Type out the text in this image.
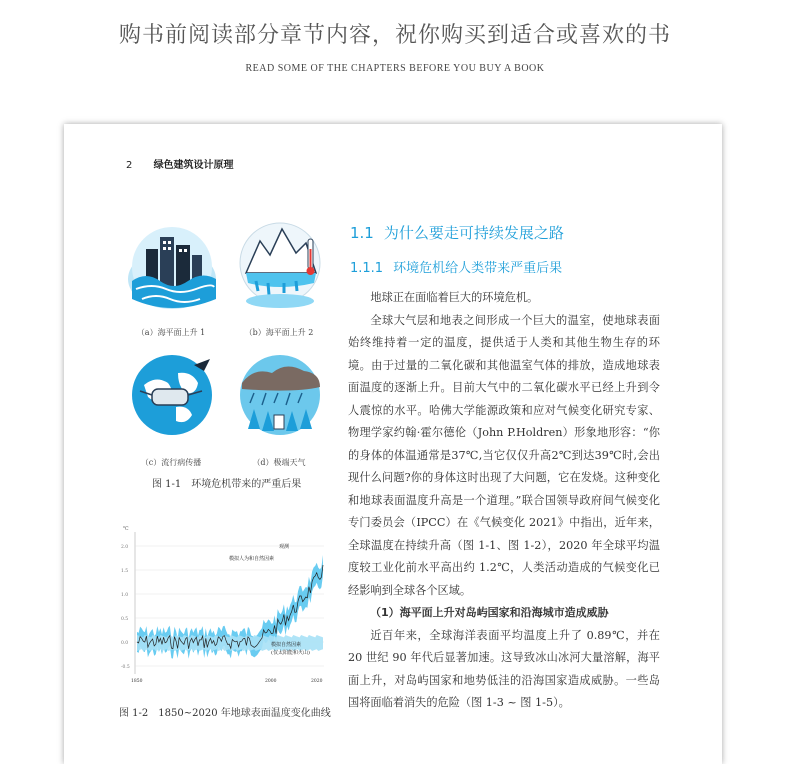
购书前阅读部分章节内容，祝你购买到适合或喜欢的书
READ SOME OF THE CHAPTERS BEFORE YOU BUY A BOOK
2 绿色建筑设计原理
（a）海平面上升 1	（b）海平面上升 2
（c）流行病传播	（d）极端天气
图 1-1　环境危机带来的严重后果
2.0
1.5
1.0
0.5
0.0
-0.5
1850	2000	2020
℃
观测
模拟人为和自然因素
模拟自然因素
(仅太阳能和火山)
图 1-2　1850~2020 年地球表面温度变化曲线
1.1 为什么要走可持续发展之路
1.1.1 环境危机给人类带来严重后果

地球正在面临着巨大的环境危机。

全球大气层和地表之间形成一个巨大的温室，使地球表面始终维持着一定的温度，提供适于人类和其他生物生存的环境。由于过量的二氧化碳和其他温室气体的排放，造成地球表面温度的逐渐上升。目前大气中的二氧化碳水平已经上升到令人震惊的水平。哈佛大学能源政策和应对气候变化研究专家、物理学家约翰·霍尔德伦（John P.Holdren）形象地形容：“你的身体的体温通常是37℃,当它仅仅升高2℃到达39℃时,会出现什么问题?你的身体这时出现了大问题，它在发烧。这种变化和地球表面温度升高是一个道理。”联合国领导政府间气候变化专门委员会（IPCC）在《气候变化 2021》中指出，近年来，全球温度在持续升高（图 1-1、图 1-2），2020 年全球平均温度较工业化前水平高出约 1.2℃，人类活动造成的气候变化已经影响到全球各个区域。

（1）海平面上升对岛屿国家和沿海城市造成威胁

近百年来，全球海洋表面平均温度上升了 0.89℃，并在 20 世纪 90 年代后显著加速。这导致冰山冰河大量溶解，海平面上升，对岛屿国家和地势低洼的沿海国家造成威胁。一些岛国将面临着消失的危险（图 1-3 ~ 图 1-5）。
